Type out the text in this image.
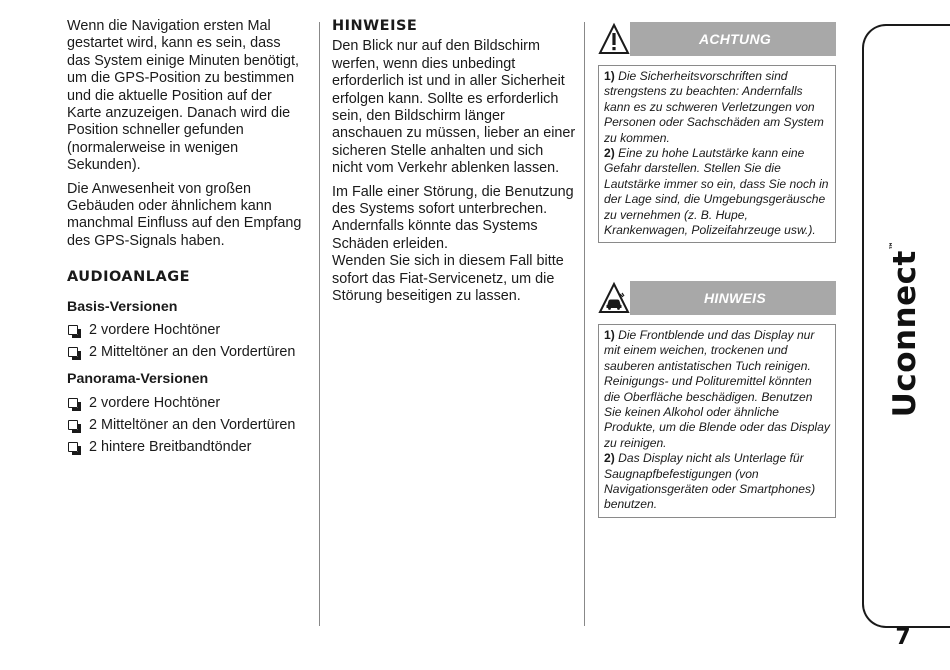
Wenn die Navigation ersten Mal gestartet wird, kann es sein, dass das System einige Minuten benötigt, um die GPS-Position zu bestimmen und die aktuelle Position auf der Karte anzuzeigen. Danach wird die Position schneller gefunden (normalerweise in wenigen Sekunden).

Die Anwesenheit von großen Gebäuden oder ähnlichem kann manchmal Einfluss auf den Empfang des GPS-Signals haben.

AUDIOANLAGE
Basis-Versionen
2 vordere Hochtöner
2 Mitteltöner an den Vordertüren
Panorama-Versionen
2 vordere Hochtöner
2 Mitteltöner an den Vordertüren
2 hintere Breitbandtönder
HINWEISE

Den Blick nur auf den Bildschirm werfen, wenn dies unbedingt erforderlich ist und in aller Sicherheit erfolgen kann. Sollte es erforderlich sein, den Bildschirm länger anschauen zu müssen, lieber an einer sicheren Stelle anhalten und sich nicht vom Verkehr ablenken lassen.

Im Falle einer Störung, die Benutzung des Systems sofort unterbrechen. Andernfalls könnte das Systems Schäden erleiden.

Wenden Sie sich in diesem Fall bitte sofort das Fiat-Servicenetz, um die Störung beseitigen zu lassen.

ACHTUNG

1) Die Sicherheitsvorschriften sind strengstens zu beachten: Andernfalls kann es zu schweren Verletzungen von Personen oder Sachschäden am System zu kommen.

2) Eine zu hohe Lautstärke kann eine Gefahr darstellen. Stellen Sie die Lautstärke immer so ein, dass Sie noch in der Lage sind, die Umgebungsgeräusche zu vernehmen (z. B. Hupe, Krankenwagen, Polizeifahrzeuge usw.).

HINWEIS

1) Die Frontblende und das Display nur mit einem weichen, trockenen und sauberen antistatischen Tuch reinigen. Reinigungs- und Polituremittel könnten die Oberfläche beschädigen. Benutzen Sie keinen Alkohol oder ähnliche Produkte, um die Blende oder das Display zu reinigen.

2) Das Display nicht als Unterlage für Saugnapfbefestigungen (von Navigationsgeräten oder Smartphones) benutzen.

Uconnect™
7
